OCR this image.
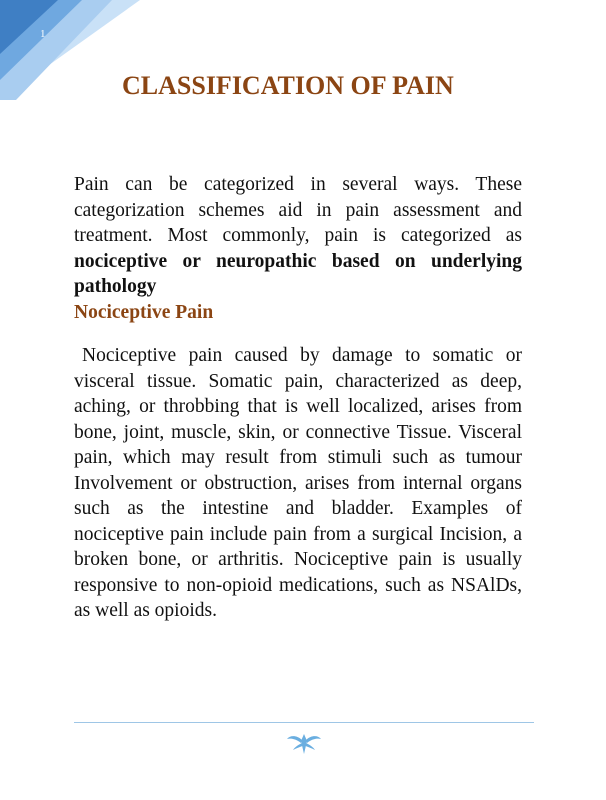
1
CLASSIFICATION OF PAIN

Pain can be categorized in several ways. These categorization schemes aid in pain assessment and treatment. Most commonly, pain is categorized as nociceptive or neuropathic based on underlying pathology

Nociceptive Pain

Nociceptive pain caused by damage to somatic or visceral tissue. Somatic pain, characterized as deep, aching, or throbbing that is well localized, arises from bone, joint, muscle, skin, or connective Tissue. Visceral pain, which may result from stimuli such as tumour Involvement or obstruction, arises from internal organs such as the intestine and bladder. Examples of nociceptive pain include pain from a surgical Incision, a broken bone, or arthritis. Nociceptive pain is usually responsive to non-opioid medications, such as NSAlDs, as well as opioids.
